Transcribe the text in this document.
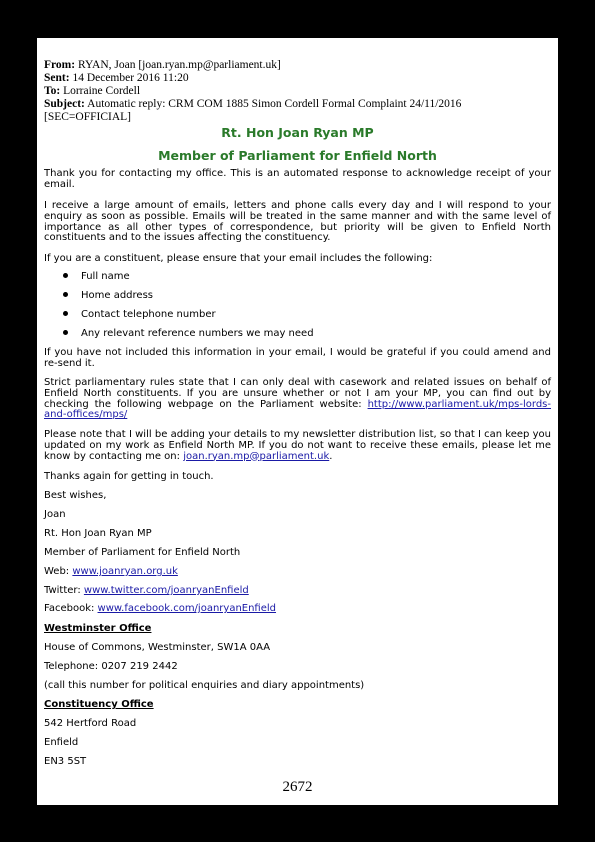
From: RYAN, Joan [joan.ryan.mp@parliament.uk]
Sent: 14 December 2016 11:20
To: Lorraine Cordell
Subject: Automatic reply: CRM COM 1885 Simon Cordell Formal Complaint 24/11/2016
[SEC=OFFICIAL]
Rt. Hon Joan Ryan MP
Member of Parliament for Enfield North
Thank you for contacting my office. This is an automated response to acknowledge receipt of your email.
I receive a large amount of emails, letters and phone calls every day and I will respond to your enquiry as soon as possible. Emails will be treated in the same manner and with the same level of importance as all other types of correspondence, but priority will be given to Enfield North constituents and to the issues affecting the constituency.
If you are a constituent, please ensure that your email includes the following:
Full name
Home address
Contact telephone number
Any relevant reference numbers we may need
If you have not included this information in your email, I would be grateful if you could amend and re-send it.
Strict parliamentary rules state that I can only deal with casework and related issues on behalf of Enfield North constituents. If you are unsure whether or not I am your MP, you can find out by checking the following webpage on the Parliament website: http://www.parliament.uk/mps-lords-and-offices/mps/
Please note that I will be adding your details to my newsletter distribution list, so that I can keep you updated on my work as Enfield North MP. If you do not want to receive these emails, please let me know by contacting me on: joan.ryan.mp@parliament.uk.
Thanks again for getting in touch.
Best wishes,
Joan
Rt. Hon Joan Ryan MP
Member of Parliament for Enfield North
Web: www.joanryan.org.uk
Twitter: www.twitter.com/joanryanEnfield
Facebook: www.facebook.com/joanryanEnfield
Westminster Office
House of Commons, Westminster, SW1A 0AA
Telephone: 0207 219 2442
(call this number for political enquiries and diary appointments)
Constituency Office
542 Hertford Road
Enfield
EN3 5ST
2672
